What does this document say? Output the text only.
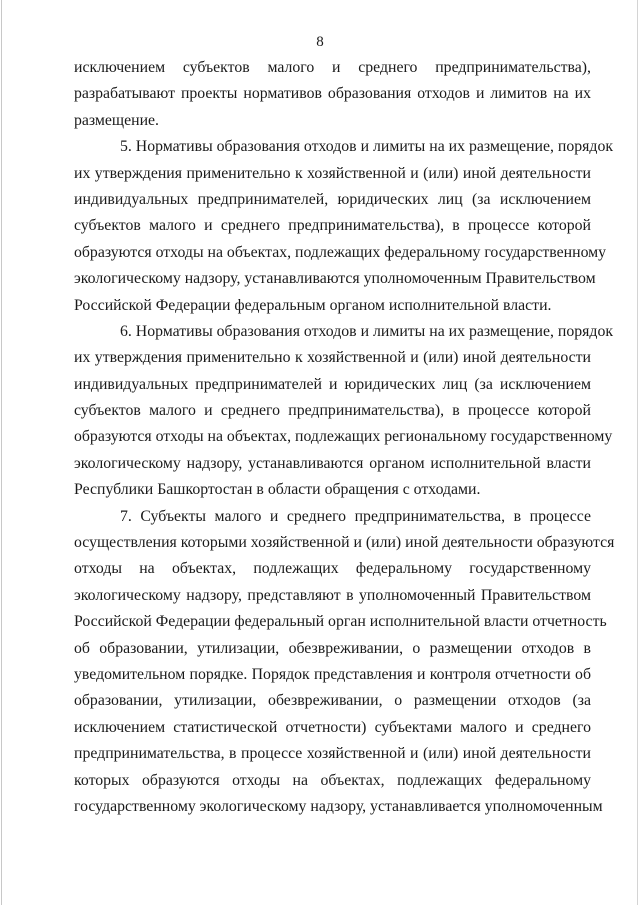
8
исключением субъектов малого и среднего предпринимательства),
разрабатывают проекты нормативов образования отходов и лимитов на их
размещение.
5. Нормативы образования отходов и лимиты на их размещение, порядок
их утверждения применительно к хозяйственной и (или) иной деятельности
индивидуальных предпринимателей, юридических лиц (за исключением
субъектов малого и среднего предпринимательства), в процессе которой
образуются отходы на объектах, подлежащих федеральному государственному
экологическому надзору, устанавливаются уполномоченным Правительством
Российской Федерации федеральным органом исполнительной власти.
6. Нормативы образования отходов и лимиты на их размещение, порядок
их утверждения применительно к хозяйственной и (или) иной деятельности
индивидуальных предпринимателей и юридических лиц (за исключением
субъектов малого и среднего предпринимательства), в процессе которой
образуются отходы на объектах, подлежащих региональному государственному
экологическому надзору, устанавливаются органом исполнительной власти
Республики Башкортостан в области обращения с отходами.
7. Субъекты малого и среднего предпринимательства, в процессе
осуществления которыми хозяйственной и (или) иной деятельности образуются
отходы на объектах, подлежащих федеральному государственному
экологическому надзору, представляют в уполномоченный Правительством
Российской Федерации федеральный орган исполнительной власти отчетность
об образовании, утилизации, обезвреживании, о размещении отходов в
уведомительном порядке. Порядок представления и контроля отчетности об
образовании, утилизации, обезвреживании, о размещении отходов (за
исключением статистической отчетности) субъектами малого и среднего
предпринимательства, в процессе хозяйственной и (или) иной деятельности
которых образуются отходы на объектах, подлежащих федеральному
государственному экологическому надзору, устанавливается уполномоченным
